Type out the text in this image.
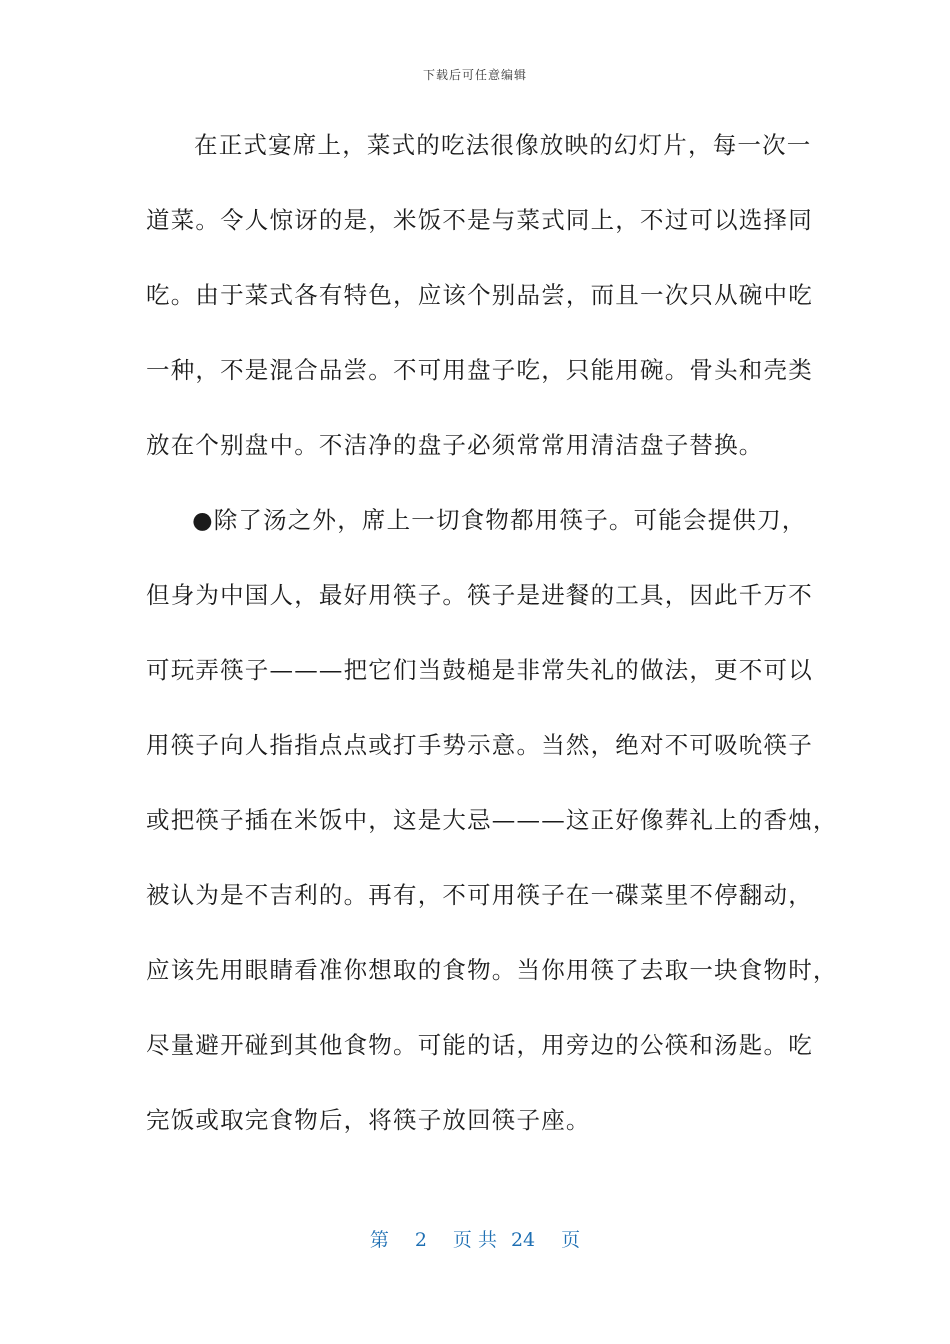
下载后可任意编辑
在正式宴席上，菜式的吃法很像放映的幻灯片，每一次一
道菜。令人惊讶的是，米饭不是与菜式同上，不过可以选择同
吃。由于菜式各有特色，应该个别品尝，而且一次只从碗中吃
一种，不是混合品尝。不可用盘子吃，只能用碗。骨头和壳类
放在个别盘中。不洁净的盘子必须常常用清洁盘子替换。
●除了汤之外，席上一切食物都用筷子。可能会提供刀，
但身为中国人，最好用筷子。筷子是进餐的工具，因此千万不
可玩弄筷子———把它们当鼓槌是非常失礼的做法，更不可以
用筷子向人指指点点或打手势示意。当然，绝对不可吸吮筷子
或把筷子插在米饭中，这是大忌———这正好像葬礼上的香烛，
被认为是不吉利的。再有，不可用筷子在一碟菜里不停翻动，
应该先用眼睛看准你想取的食物。当你用筷了去取一块食物时，
尽量避开碰到其他食物。可能的话，用旁边的公筷和汤匙。吃
完饭或取完食物后，将筷子放回筷子座。
第 2 页 共 24 页
